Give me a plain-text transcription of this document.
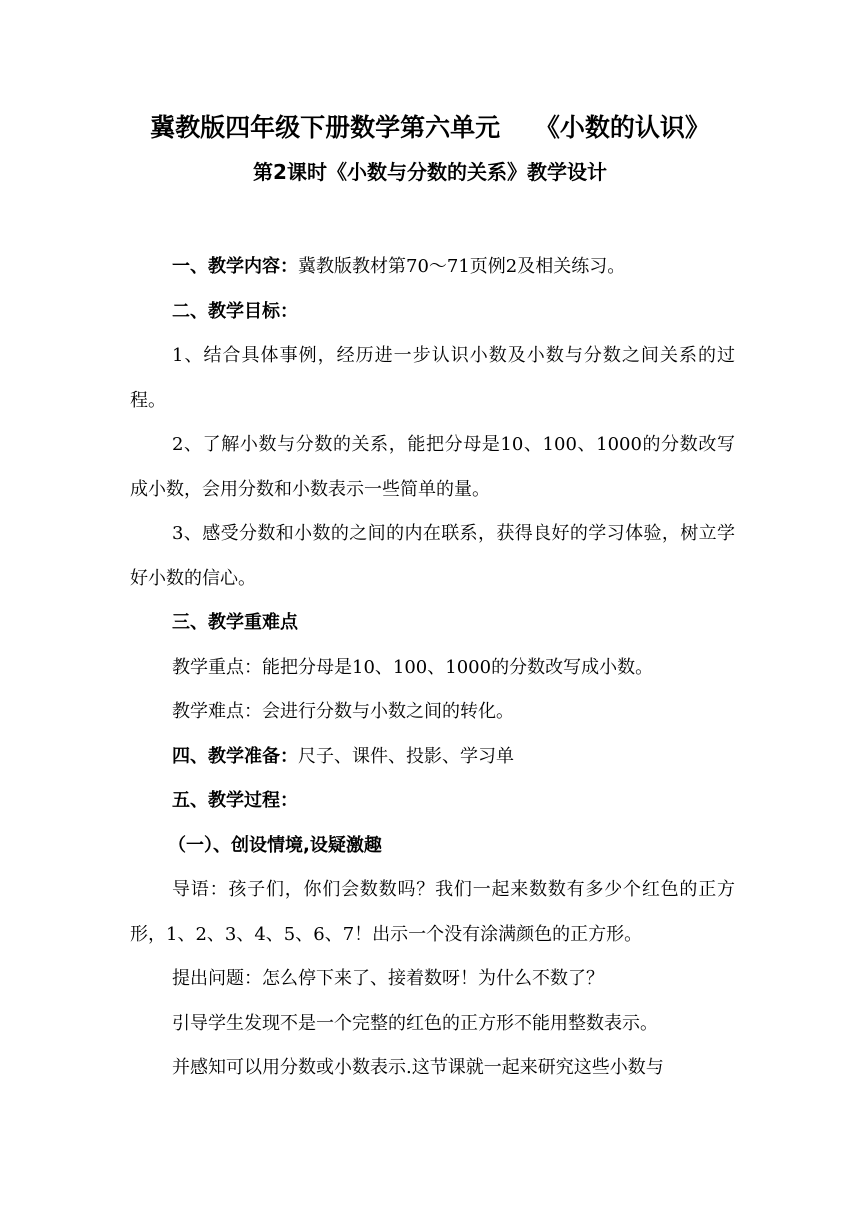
冀教版四年级下册数学第六单元    《小数的认识》
第2课时《小数与分数的关系》教学设计

一、教学内容：冀教版教材第70～71页例2及相关练习。

二、教学目标：

1、结合具体事例，经历进一步认识小数及小数与分数之间关系的过程。

2、了解小数与分数的关系，能把分母是10、100、1000的分数改写成小数，会用分数和小数表示一些简单的量。

3、感受分数和小数的之间的内在联系，获得良好的学习体验，树立学好小数的信心。

三、教学重难点

教学重点：能把分母是10、100、1000的分数改写成小数。

教学难点：会进行分数与小数之间的转化。

四、教学准备：尺子、课件、投影、学习单

五、教学过程：

（一）、创设情境,设疑激趣

导语：孩子们，你们会数数吗？我们一起来数数有多少个红色的正方形，1、2、3、4、5、6、7！出示一个没有涂满颜色的正方形。

提出问题：怎么停下来了、接着数呀！为什么不数了？

引导学生发现不是一个完整的红色的正方形不能用整数表示。

并感知可以用分数或小数表示.这节课就一起来研究这些小数与
